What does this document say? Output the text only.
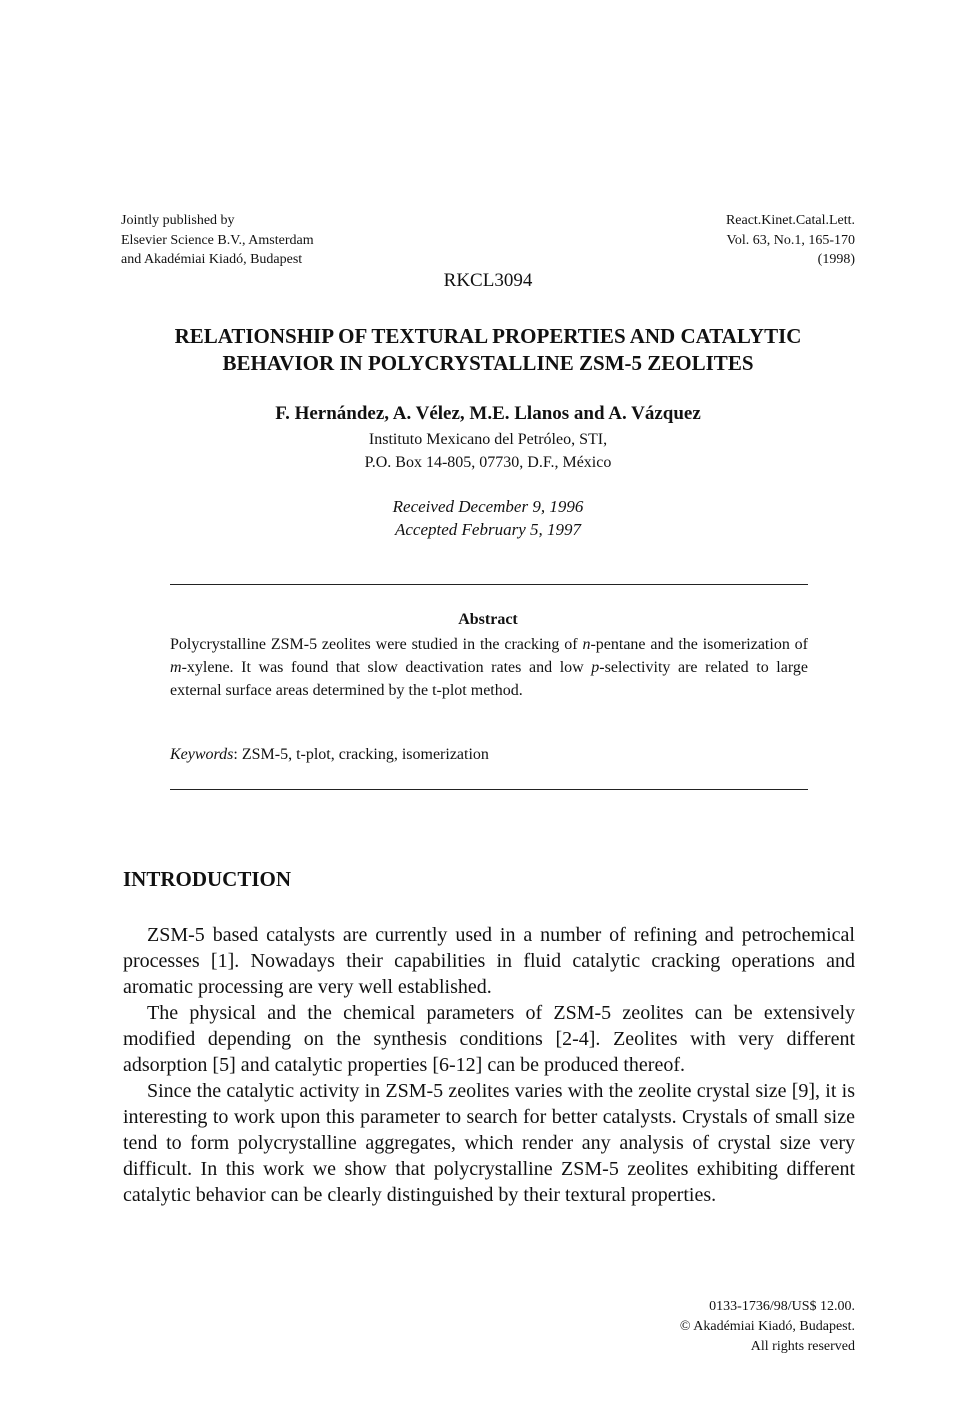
Jointly published by
Elsevier Science B.V., Amsterdam
and Akadémiai Kiadó, Budapest
React.Kinet.Catal.Lett.
Vol. 63, No.1, 165-170
(1998)
RKCL3094
RELATIONSHIP OF TEXTURAL PROPERTIES AND CATALYTIC
BEHAVIOR IN POLYCRYSTALLINE ZSM-5 ZEOLITES
F. Hernández, A. Vélez, M.E. Llanos and A. Vázquez
Instituto Mexicano del Petróleo, STI,
P.O. Box 14-805, 07730, D.F., México
Received December 9, 1996
Accepted February 5, 1997
Abstract
Polycrystalline ZSM-5 zeolites were studied in the cracking of n-pentane and the isomerization of m-xylene. It was found that slow deactivation rates and low p-selectivity are related to large external surface areas determined by the t-plot method.
Keywords: ZSM-5, t-plot, cracking, isomerization
INTRODUCTION

ZSM-5 based catalysts are currently used in a number of refining and petrochemical processes [1]. Nowadays their capabilities in fluid catalytic cracking operations and aromatic processing are very well established.

The physical and the chemical parameters of ZSM-5 zeolites can be extensively modified depending on the synthesis conditions [2-4]. Zeolites with very different adsorption [5] and catalytic properties [6-12] can be produced thereof.

Since the catalytic activity in ZSM-5 zeolites varies with the zeolite crystal size [9], it is interesting to work upon this parameter to search for better catalysts. Crystals of small size tend to form polycrystalline aggregates, which render any analysis of crystal size very difficult. In this work we show that polycrystalline ZSM-5 zeolites exhibiting different catalytic behavior can be clearly distinguished by their textural properties.

0133-1736/98/US$ 12.00.
© Akadémiai Kiadó, Budapest.
All rights reserved
